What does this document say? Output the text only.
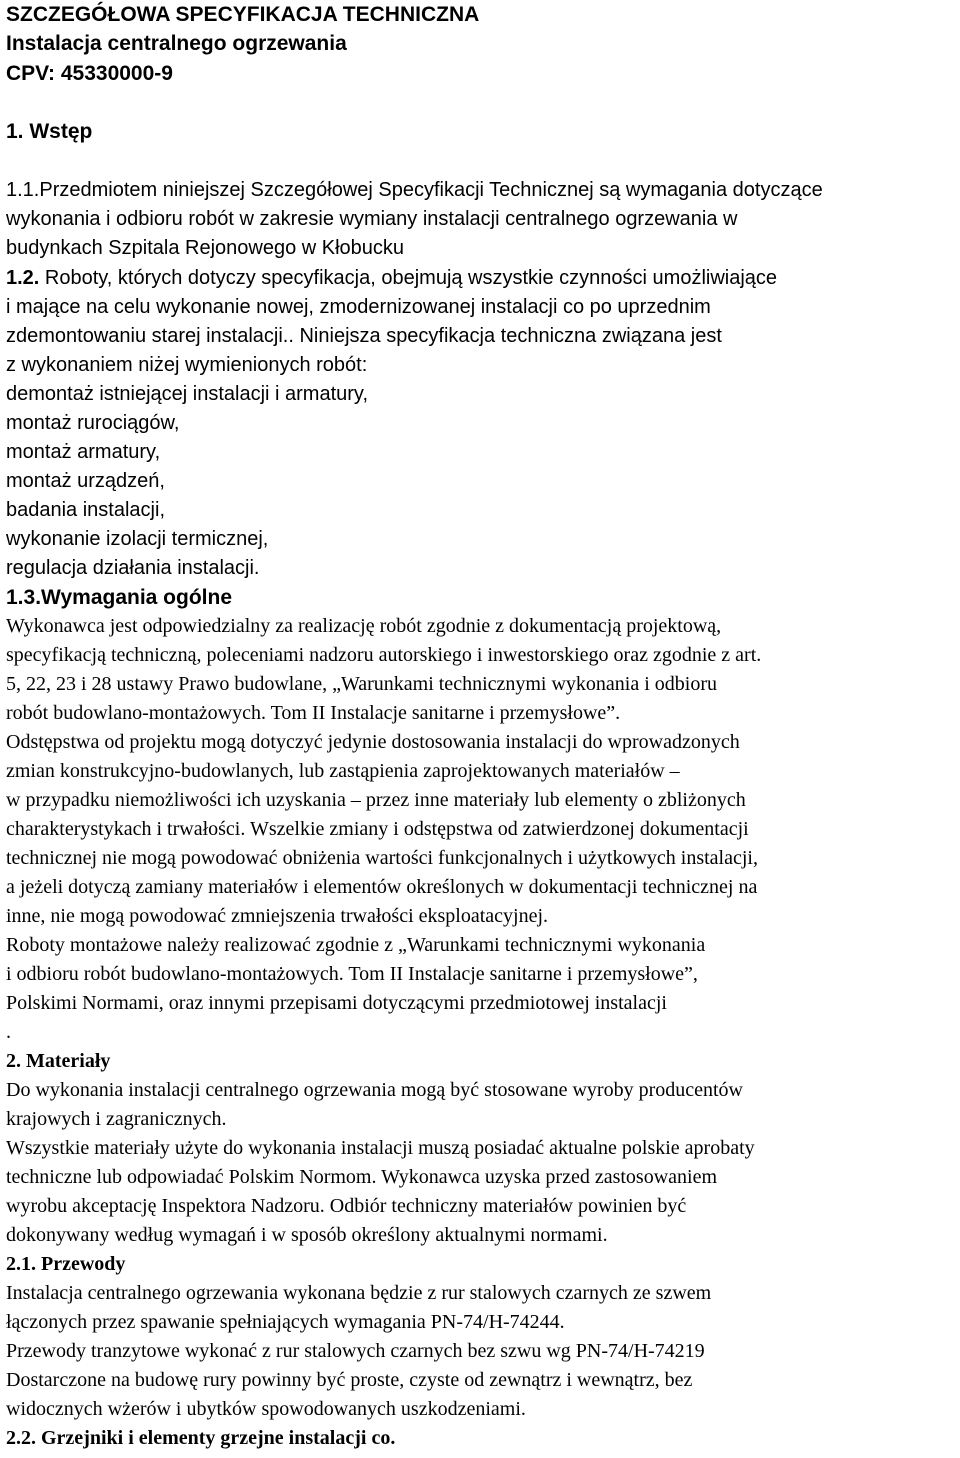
SZCZEGÓŁOWA SPECYFIKACJA TECHNICZNA
Instalacja centralnego ogrzewania
CPV: 45330000-9
1. Wstęp
1.1.Przedmiotem niniejszej Szczegółowej Specyfikacji Technicznej są wymagania dotyczące
wykonania i odbioru robót w zakresie wymiany instalacji centralnego ogrzewania w
budynkach Szpitala Rejonowego w Kłobucku
1.2. Roboty, których dotyczy specyfikacja, obejmują wszystkie czynności umożliwiające
i mające na celu wykonanie nowej, zmodernizowanej instalacji co po uprzednim
zdemontowaniu starej instalacji.. Niniejsza specyfikacja techniczna związana jest
z wykonaniem niżej wymienionych robót:
demontaż istniejącej instalacji i armatury,
montaż rurociągów,
montaż armatury,
montaż urządzeń,
badania instalacji,
wykonanie izolacji termicznej,
regulacja działania instalacji.
1.3.Wymagania ogólne
Wykonawca jest odpowiedzialny za realizację robót zgodnie z dokumentacją projektową,
specyfikacją techniczną, poleceniami nadzoru autorskiego i inwestorskiego oraz zgodnie z art.
5, 22, 23 i 28 ustawy Prawo budowlane, „Warunkami technicznymi wykonania i odbioru
robót budowlano-montażowych. Tom II Instalacje sanitarne i przemysłowe”.
Odstępstwa od projektu mogą dotyczyć jedynie dostosowania instalacji do wprowadzonych
zmian konstrukcyjno-budowlanych, lub zastąpienia zaprojektowanych materiałów –
w przypadku niemożliwości ich uzyskania – przez inne materiały lub elementy o zbliżonych
charakterystykach i trwałości. Wszelkie zmiany i odstępstwa od zatwierdzonej dokumentacji
technicznej nie mogą powodować obniżenia wartości funkcjonalnych i użytkowych instalacji,
a jeżeli dotyczą zamiany materiałów i elementów określonych w dokumentacji technicznej na
inne, nie mogą powodować zmniejszenia trwałości eksploatacyjnej.
Roboty montażowe należy realizować zgodnie z „Warunkami technicznymi wykonania
i odbioru robót budowlano-montażowych. Tom II Instalacje sanitarne i przemysłowe”,
Polskimi Normami, oraz innymi przepisami dotyczącymi przedmiotowej instalacji
.
2. Materiały
Do wykonania instalacji centralnego ogrzewania mogą być stosowane wyroby producentów
krajowych i zagranicznych.
Wszystkie materiały użyte do wykonania instalacji muszą posiadać aktualne polskie aprobaty
techniczne lub odpowiadać Polskim Normom. Wykonawca uzyska przed zastosowaniem
wyrobu akceptację Inspektora Nadzoru. Odbiór techniczny materiałów powinien być
dokonywany według wymagań i w sposób określony aktualnymi normami.
2.1. Przewody
Instalacja centralnego ogrzewania wykonana będzie z rur stalowych czarnych ze szwem
łączonych przez spawanie spełniających wymagania PN-74/H-74244.
Przewody tranzytowe wykonać z rur stalowych czarnych bez szwu wg PN-74/H-74219
Dostarczone na budowę rury powinny być proste, czyste od zewnątrz i wewnątrz, bez
widocznych wżerów i ubytków spowodowanych uszkodzeniami.
2.2. Grzejniki i elementy grzejne instalacji co.
